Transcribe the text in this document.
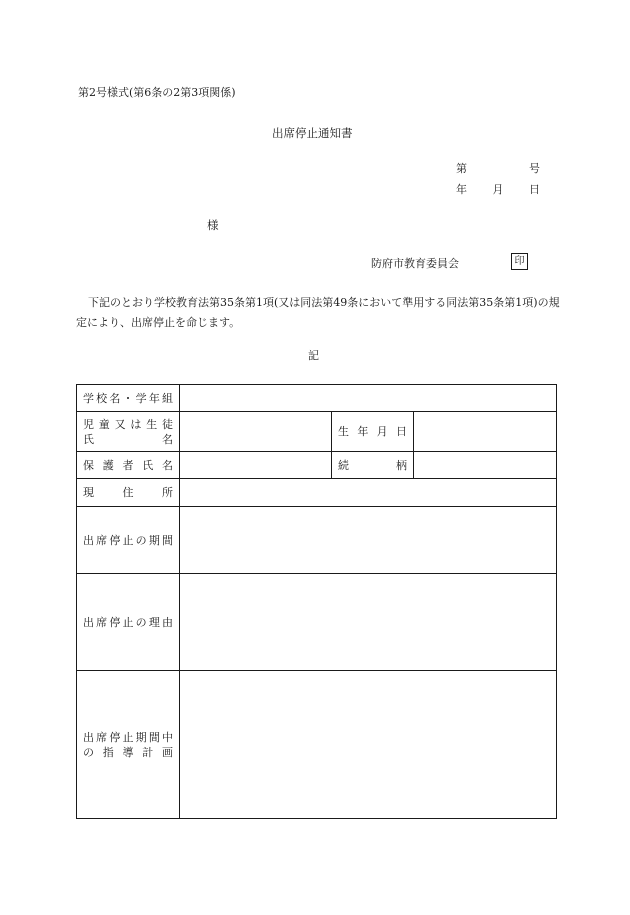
第2号様式(第6条の2第3項関係)
出席停止通知書
第	号
年 月 日
様
防府市教育委員会	印
下記のとおり学校教育法第35条第1項(又は同法第49条において準用する同法第35条第1項)の規定により、出席停止を命じます。
記
学校名・学年組			

児童又は生徒
氏名		生年月日	

保護者氏名		続柄	

現住所			

出席停止の期間			

出席停止の理由			

出席停止期間中
の指導計画			
